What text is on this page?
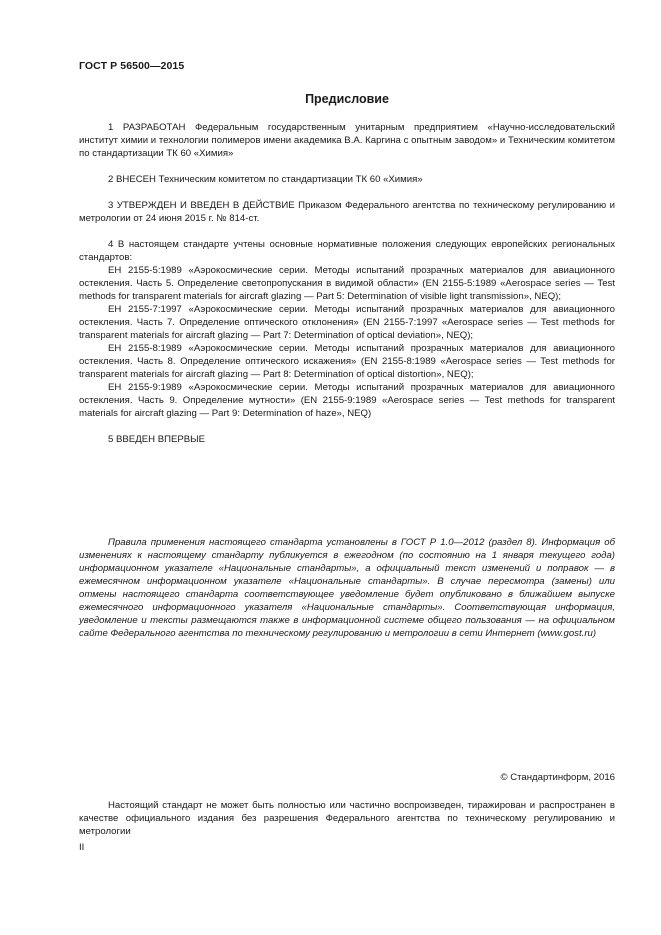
ГОСТ Р 56500—2015
Предисловие

1 РАЗРАБОТАН Федеральным государственным унитарным предприятием «Научно-исследовательский институт химии и технологии полимеров имени академика В.А. Каргина с опытным заводом» и Техническим комитетом по стандартизации ТК 60 «Химия»

2 ВНЕСЕН Техническим комитетом по стандартизации ТК 60 «Химия»

3 УТВЕРЖДЕН И ВВЕДЕН В ДЕЙСТВИЕ Приказом Федерального агентства по техническому регулированию и метрологии от 24 июня 2015 г. № 814-ст.

4 В настоящем стандарте учтены основные нормативные положения следующих европейских региональных стандартов:

ЕН 2155-5:1989 «Аэрокосмические серии. Методы испытаний прозрачных материалов для авиационного остекления. Часть 5. Определение светопропускания в видимой области» (EN 2155-5:1989 «Aerospace series — Test methods for transparent materials for aircraft glazing — Part 5: Determination of visible light transmission», NEQ);

ЕН 2155-7:1997 «Аэрокосмические серии. Методы испытаний прозрачных материалов для авиационного остекления. Часть 7. Определение оптического отклонения» (EN 2155-7:1997 «Aerospace series — Test methods for transparent materials for aircraft glazing — Part 7: Determination of optical deviation», NEQ);

ЕН 2155-8:1989 «Аэрокосмические серии. Методы испытаний прозрачных материалов для авиационного остекления. Часть 8. Определение оптического искажения» (EN 2155-8:1989 «Aerospace series — Test methods for transparent materials for aircraft glazing — Part 8: Determination of optical distortion», NEQ);

ЕН 2155-9:1989 «Аэрокосмические серии. Методы испытаний прозрачных материалов для авиационного остекления. Часть 9. Определение мутности» (EN 2155-9:1989 «Aerospace series — Test methods for transparent materials for aircraft glazing — Part 9: Determination of haze», NEQ)

5 ВВЕДЕН ВПЕРВЫЕ

Правила применения настоящего стандарта установлены в ГОСТ Р 1.0—2012 (раздел 8). Информация об изменениях к настоящему стандарту публикуется в ежегодном (по состоянию на 1 января текущего года) информационном указателе «Национальные стандарты», а официальный текст изменений и поправок — в ежемесячном информационном указателе «Национальные стандарты». В случае пересмотра (замены) или отмены настоящего стандарта соответствующее уведомление будет опубликовано в ближайшем выпуске ежемесячного информационного указателя «Национальные стандарты». Соответствующая информация, уведомление и тексты размещаются также в информационной системе общего пользования — на официальном сайте Федерального агентства по техническому регулированию и метрологии в сети Интернет (www.gost.ru)

© Стандартинформ, 2016

Настоящий стандарт не может быть полностью или частично воспроизведен, тиражирован и распространен в качестве официального издания без разрешения Федерального агентства по техническому регулированию и метрологии

II
